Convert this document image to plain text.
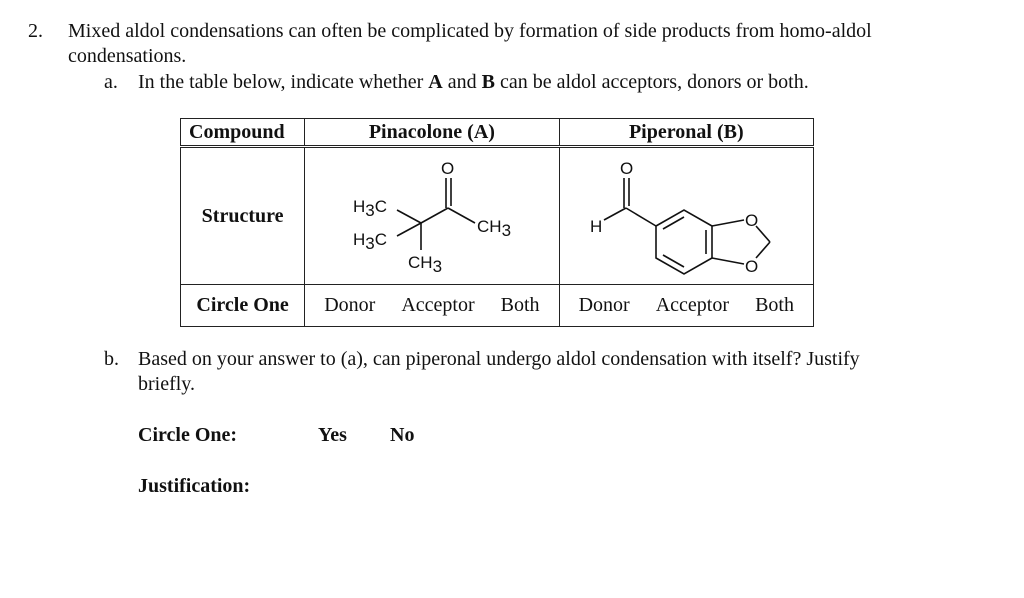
2. Mixed aldol condensations can often be complicated by formation of side products from homo-aldol
condensations.
a. In the table below, indicate whether A and B can be aldol acceptors, donors or both.
Compound	Pinacolone (A)	Piperonal (B)
Structure	O
H3C
H3C
CH3
CH3	O
H O
O

Circle One	Donor Acceptor Both	Donor Acceptor Both
b. Based on your answer to (a), can piperonal undergo aldol condensation with itself? Justify
briefly.
Circle One:	Yes No
Justification:
